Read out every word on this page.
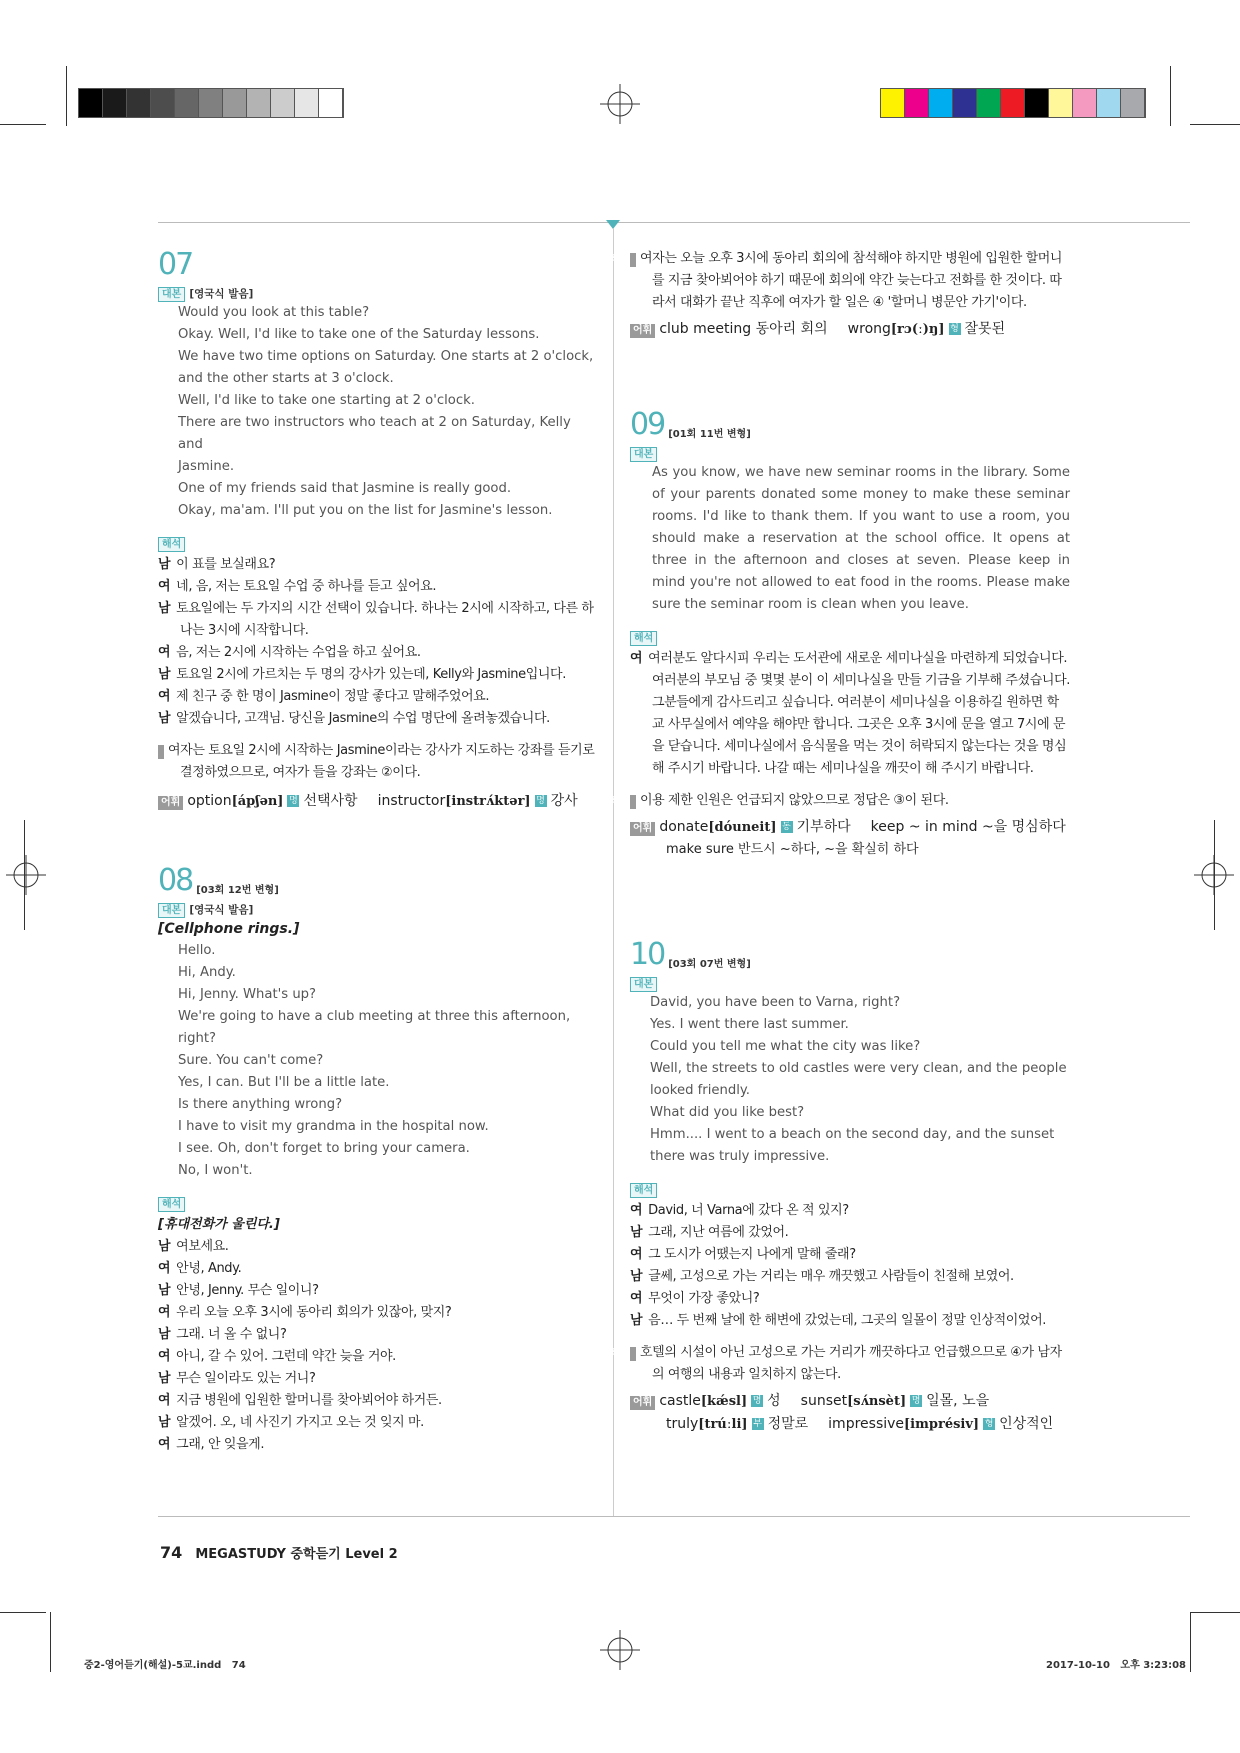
07
대본 [영국식 발음]
Would you look at this table?
Okay. Well, I'd like to take one of the Saturday lessons.
We have two time options on Saturday. One starts at 2 o'clock,
and the other starts at 3 o'clock.
Well, I'd like to take one starting at 2 o'clock.
There are two instructors who teach at 2 on Saturday, Kelly and
Jasmine.
One of my friends said that Jasmine is really good.
Okay, ma'am. I'll put you on the list for Jasmine's lesson.
해석
남 이 표를 보실래요?
여 네, 음, 저는 토요일 수업 중 하나를 듣고 싶어요.
남 토요일에는 두 가지의 시간 선택이 있습니다. 하나는 2시에 시작하고, 다른 하나는 3시에 시작합니다.
여 음, 저는 2시에 시작하는 수업을 하고 싶어요.
남 토요일 2시에 가르치는 두 명의 강사가 있는데, Kelly와 Jasmine입니다.
여 제 친구 중 한 명이 Jasmine이 정말 좋다고 말해주었어요.
남 알겠습니다, 고객님. 당신을 Jasmine의 수업 명단에 올려놓겠습니다.
해설 여자는 토요일 2시에 시작하는 Jasmine이라는 강사가 지도하는 강좌를 듣기로 결정하였으므로, 여자가 들을 강좌는 ②이다.
어휘 option[ápʃən] 명 선택사항 instructor[instrʌ́ktər] 명 강사
08 [03회 12번 변형]
대본 [영국식 발음]
[Cellphone rings.]
Hello.
Hi, Andy.
Hi, Jenny. What's up?
We're going to have a club meeting at three this afternoon,
right?
Sure. You can't come?
Yes, I can. But I'll be a little late.
Is there anything wrong?
I have to visit my grandma in the hospital now.
I see. Oh, don't forget to bring your camera.
No, I won't.
해석
[휴대전화가 울린다.]
남 여보세요.
여 안녕, Andy.
남 안녕, Jenny. 무슨 일이니?
여 우리 오늘 오후 3시에 동아리 회의가 있잖아, 맞지?
남 그래. 너 올 수 없니?
여 아니, 갈 수 있어. 그런데 약간 늦을 거야.
남 무슨 일이라도 있는 거니?
여 지금 병원에 입원한 할머니를 찾아뵈어야 하거든.
남 알겠어. 오, 네 사진기 가지고 오는 것 잊지 마.
여 그래, 안 잊을게.
해설 여자는 오늘 오후 3시에 동아리 회의에 참석해야 하지만 병원에 입원한 할머니를 지금 찾아뵈어야 하기 때문에 회의에 약간 늦는다고 전화를 한 것이다. 따라서 대화가 끝난 직후에 여자가 할 일은 ④ '할머니 병문안 가기'이다.
어휘 club meeting 동아리 회의 wrong[rɔ(ː)ŋ] 형 잘못된
09 [01회 11번 변형]
대본
As you know, we have new seminar rooms in the library. Some of your parents donated some money to make these seminar rooms. I'd like to thank them. If you want to use a room, you should make a reservation at the school office. It opens at three in the afternoon and closes at seven. Please keep in mind you're not allowed to eat food in the rooms. Please make sure the seminar room is clean when you leave.
해석
여 여러분도 알다시피 우리는 도서관에 새로운 세미나실을 마련하게 되었습니다. 여러분의 부모님 중 몇몇 분이 이 세미나실을 만들 기금을 기부해 주셨습니다. 그분들에게 감사드리고 싶습니다. 여러분이 세미나실을 이용하길 원하면 학교 사무실에서 예약을 해야만 합니다. 그곳은 오후 3시에 문을 열고 7시에 문을 닫습니다. 세미나실에서 음식물을 먹는 것이 허락되지 않는다는 것을 명심해 주시기 바랍니다. 나갈 때는 세미나실을 깨끗이 해 주시기 바랍니다.
해설 이용 제한 인원은 언급되지 않았으므로 정답은 ③이 된다.
어휘 donate[dóuneit] 동 기부하다 keep ~ in mind ~을 명심하다
make sure 반드시 ~하다, ~을 확실히 하다
10 [03회 07번 변형]
대본
David, you have been to Varna, right?
Yes. I went there last summer.
Could you tell me what the city was like?
Well, the streets to old castles were very clean, and the people
looked friendly.
What did you like best?
Hmm.... I went to a beach on the second day, and the sunset
there was truly impressive.
해석
여 David, 너 Varna에 갔다 온 적 있지?
남 그래, 지난 여름에 갔었어.
여 그 도시가 어땠는지 나에게 말해 줄래?
남 글쎄, 고성으로 가는 거리는 매우 깨끗했고 사람들이 친절해 보였어.
여 무엇이 가장 좋았니?
남 음… 두 번째 날에 한 해변에 갔었는데, 그곳의 일몰이 정말 인상적이었어.
해설 호텔의 시설이 아닌 고성으로 가는 거리가 깨끗하다고 언급했으므로 ④가 남자의 여행의 내용과 일치하지 않는다.
어휘 castle[kǽsl] 명 성 sunset[sʌ́nsèt] 명 일몰, 노을
truly[trúːli] 부 정말로 impressive[imprésiv] 형 인상적인
74 MEGASTUDY 중학듣기 Level 2
중2-영어듣기(해설)-5교.indd   74	2017-10-10   오후 3:23:08
